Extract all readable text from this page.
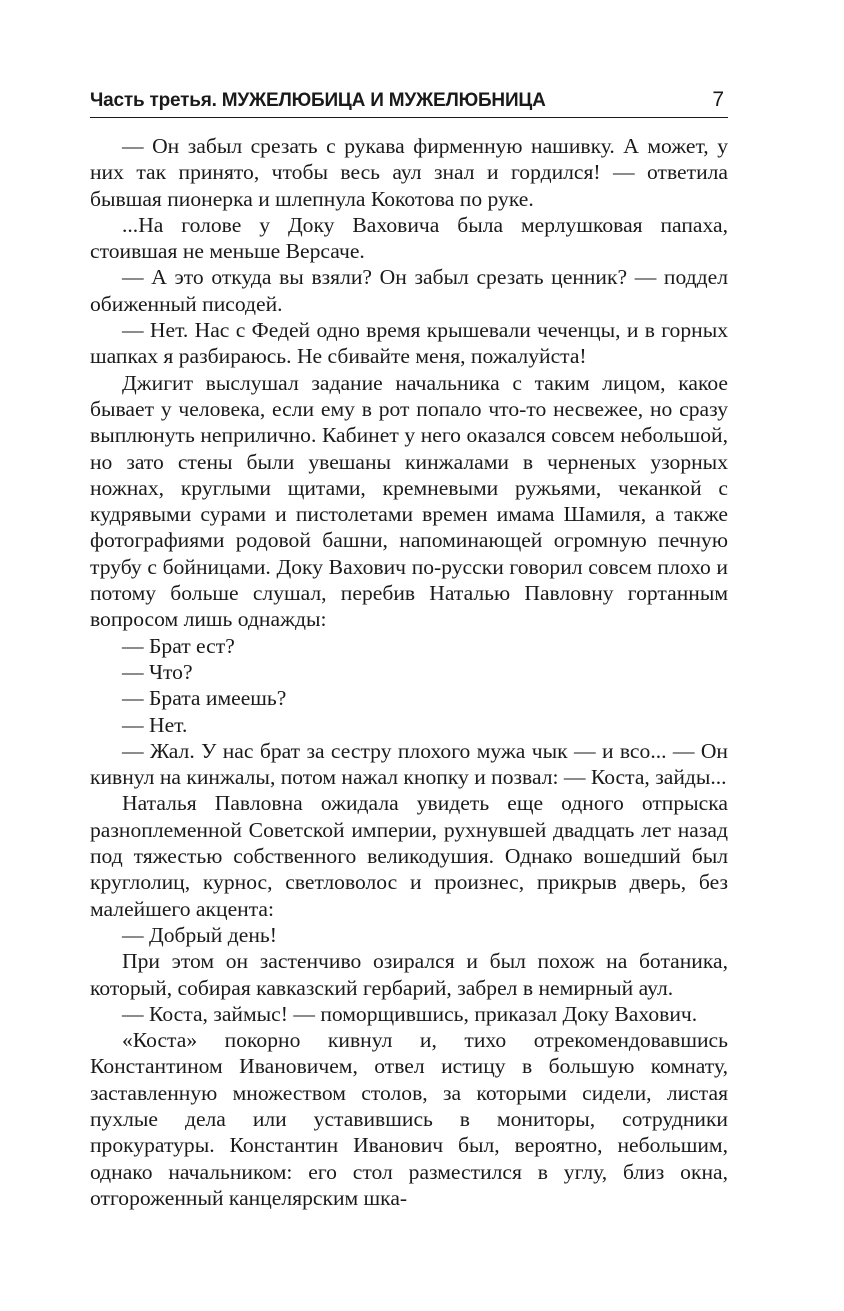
Часть третья. МУЖЕЛЮБИЦА И МУЖЕЛЮБНИЦА	7

— Он забыл срезать с рукава фирменную нашивку. А может, у них так принято, чтобы весь аул знал и гордился! — ответила бывшая пионерка и шлепнула Кокотова по руке.

...На голове у Доку Ваховича была мерлушковая папаха, стоившая не меньше Версаче.

— А это откуда вы взяли? Он забыл срезать ценник? — поддел обиженный писодей.

— Нет. Нас с Федей одно время крышевали чеченцы, и в горных шапках я разбираюсь. Не сбивайте меня, пожалуйста!

Джигит выслушал задание начальника с таким лицом, какое бывает у человека, если ему в рот попало что-то несвежее, но сразу выплюнуть неприлично. Кабинет у него оказался совсем небольшой, но зато стены были увешаны кинжалами в черненых узорных ножнах, круглыми щитами, кремневыми ружьями, чеканкой с кудрявыми сурами и пистолетами времен имама Шамиля, а также фотографиями родовой башни, напоминающей огромную печную трубу с бойницами. Доку Вахович по-русски говорил совсем плохо и потому больше слушал, перебив Наталью Павловну гортанным вопросом лишь однажды:

— Брат ест?

— Что?

— Брата имеешь?

— Нет.

— Жал. У нас брат за сестру плохого мужа чык — и всо... — Он кивнул на кинжалы, потом нажал кнопку и позвал: — Коста, зайды...

Наталья Павловна ожидала увидеть еще одного отпрыска разноплеменной Советской империи, рухнувшей двадцать лет назад под тяжестью собственного великодушия. Однако вошедший был круглолиц, курнос, светловолос и произнес, прикрыв дверь, без малейшего акцента:

— Добрый день!

При этом он застенчиво озирался и был похож на ботаника, который, собирая кавказский гербарий, забрел в немирный аул.

— Коста, займыс! — поморщившись, приказал Доку Вахович.

«Коста» покорно кивнул и, тихо отрекомендовавшись Константином Ивановичем, отвел истицу в большую комнату, заставленную множеством столов, за которыми сидели, листая пухлые дела или уставившись в мониторы, сотрудники прокуратуры. Константин Иванович был, вероятно, небольшим, однако начальником: его стол разместился в углу, близ окна, отгороженный канцелярским шка-
